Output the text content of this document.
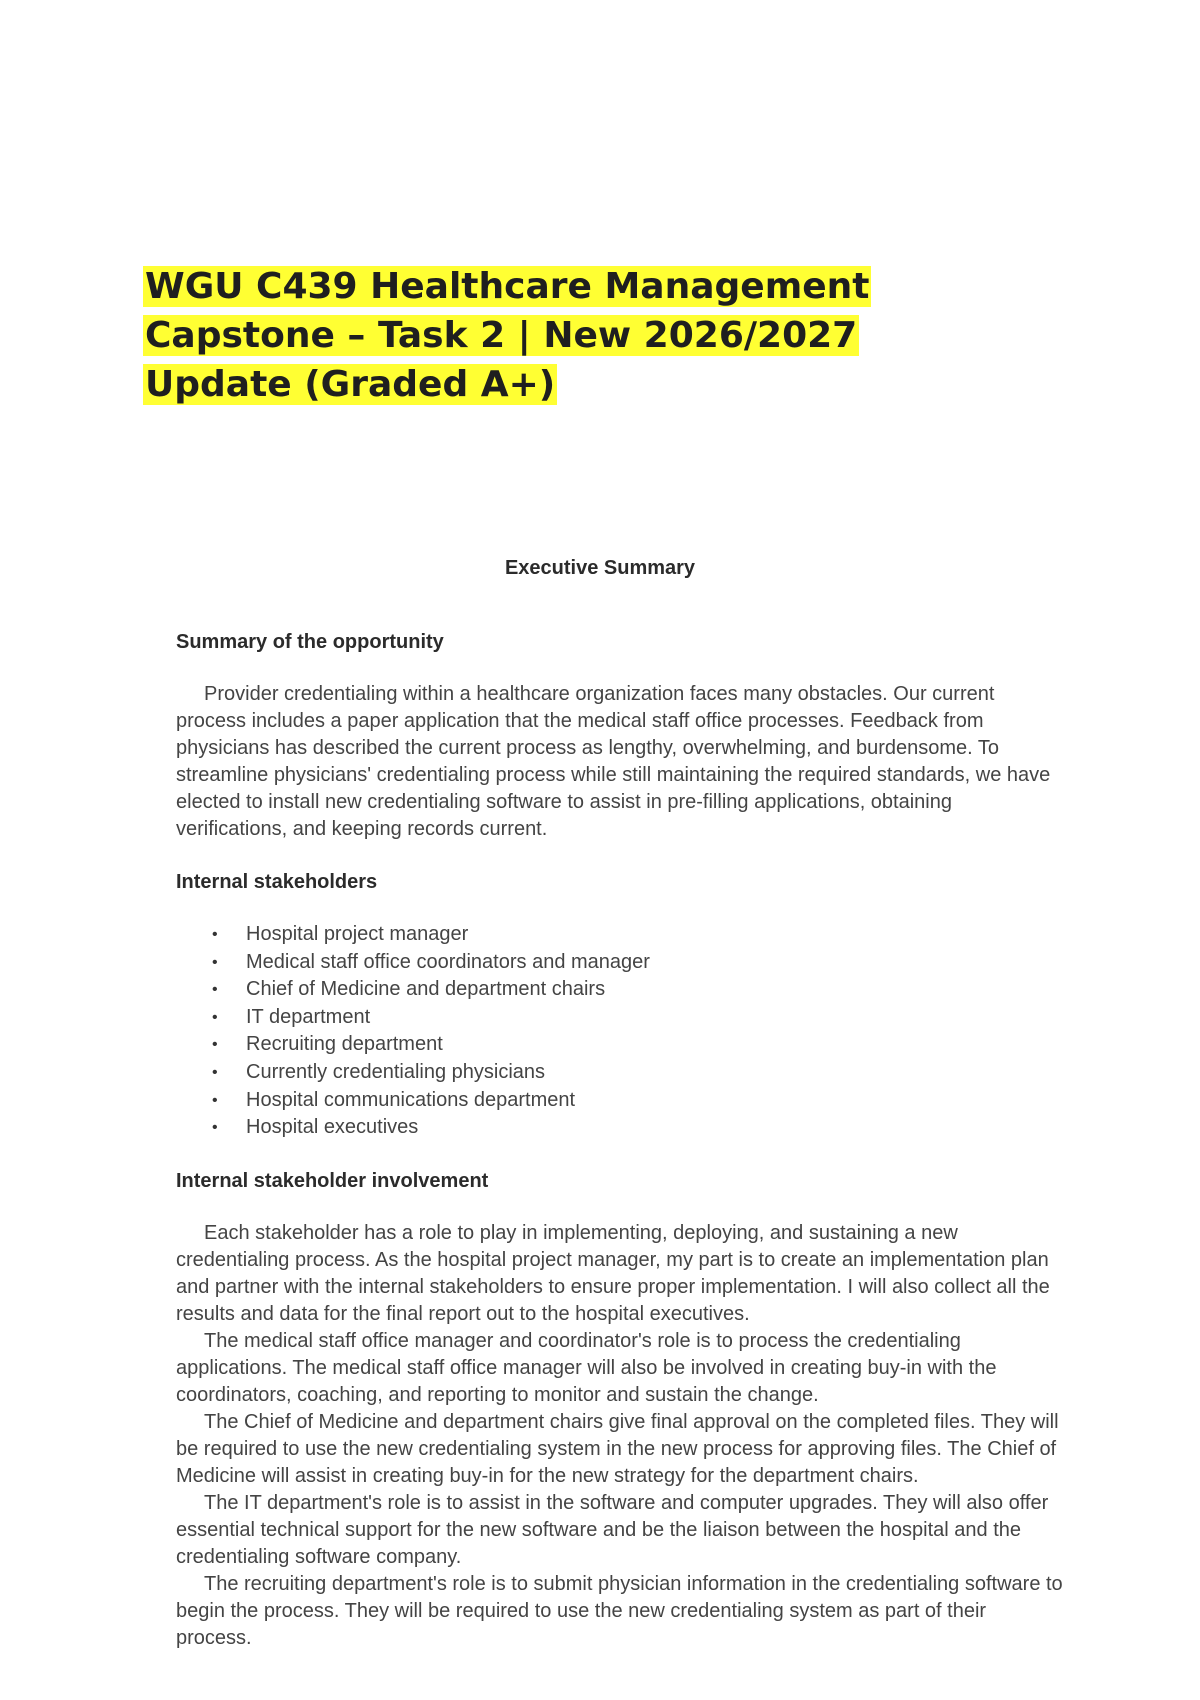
WGU C439 Healthcare Management Capstone – Task 2 | New 2026/2027 Update (Graded A+)
Executive Summary
Summary of the opportunity

Provider credentialing within a healthcare organization faces many obstacles. Our current process includes a paper application that the medical staff office processes. Feedback from physicians has described the current process as lengthy, overwhelming, and burdensome. To streamline physicians' credentialing process while still maintaining the required standards, we have elected to install new credentialing software to assist in pre-filling applications, obtaining verifications, and keeping records current.

Internal stakeholders
• Hospital project manager
• Medical staff office coordinators and manager
• Chief of Medicine and department chairs
• IT department
• Recruiting department
• Currently credentialing physicians
• Hospital communications department
• Hospital executives
Internal stakeholder involvement

Each stakeholder has a role to play in implementing, deploying, and sustaining a new credentialing process. As the hospital project manager, my part is to create an implementation plan and partner with the internal stakeholders to ensure proper implementation. I will also collect all the results and data for the final report out to the hospital executives.

The medical staff office manager and coordinator's role is to process the credentialing applications. The medical staff office manager will also be involved in creating buy-in with the coordinators, coaching, and reporting to monitor and sustain the change.

The Chief of Medicine and department chairs give final approval on the completed files. They will be required to use the new credentialing system in the new process for approving files. The Chief of Medicine will assist in creating buy-in for the new strategy for the department chairs.

The IT department's role is to assist in the software and computer upgrades. They will also offer essential technical support for the new software and be the liaison between the hospital and the credentialing software company.

The recruiting department's role is to submit physician information in the credentialing software to begin the process. They will be required to use the new credentialing system as part of their process.
